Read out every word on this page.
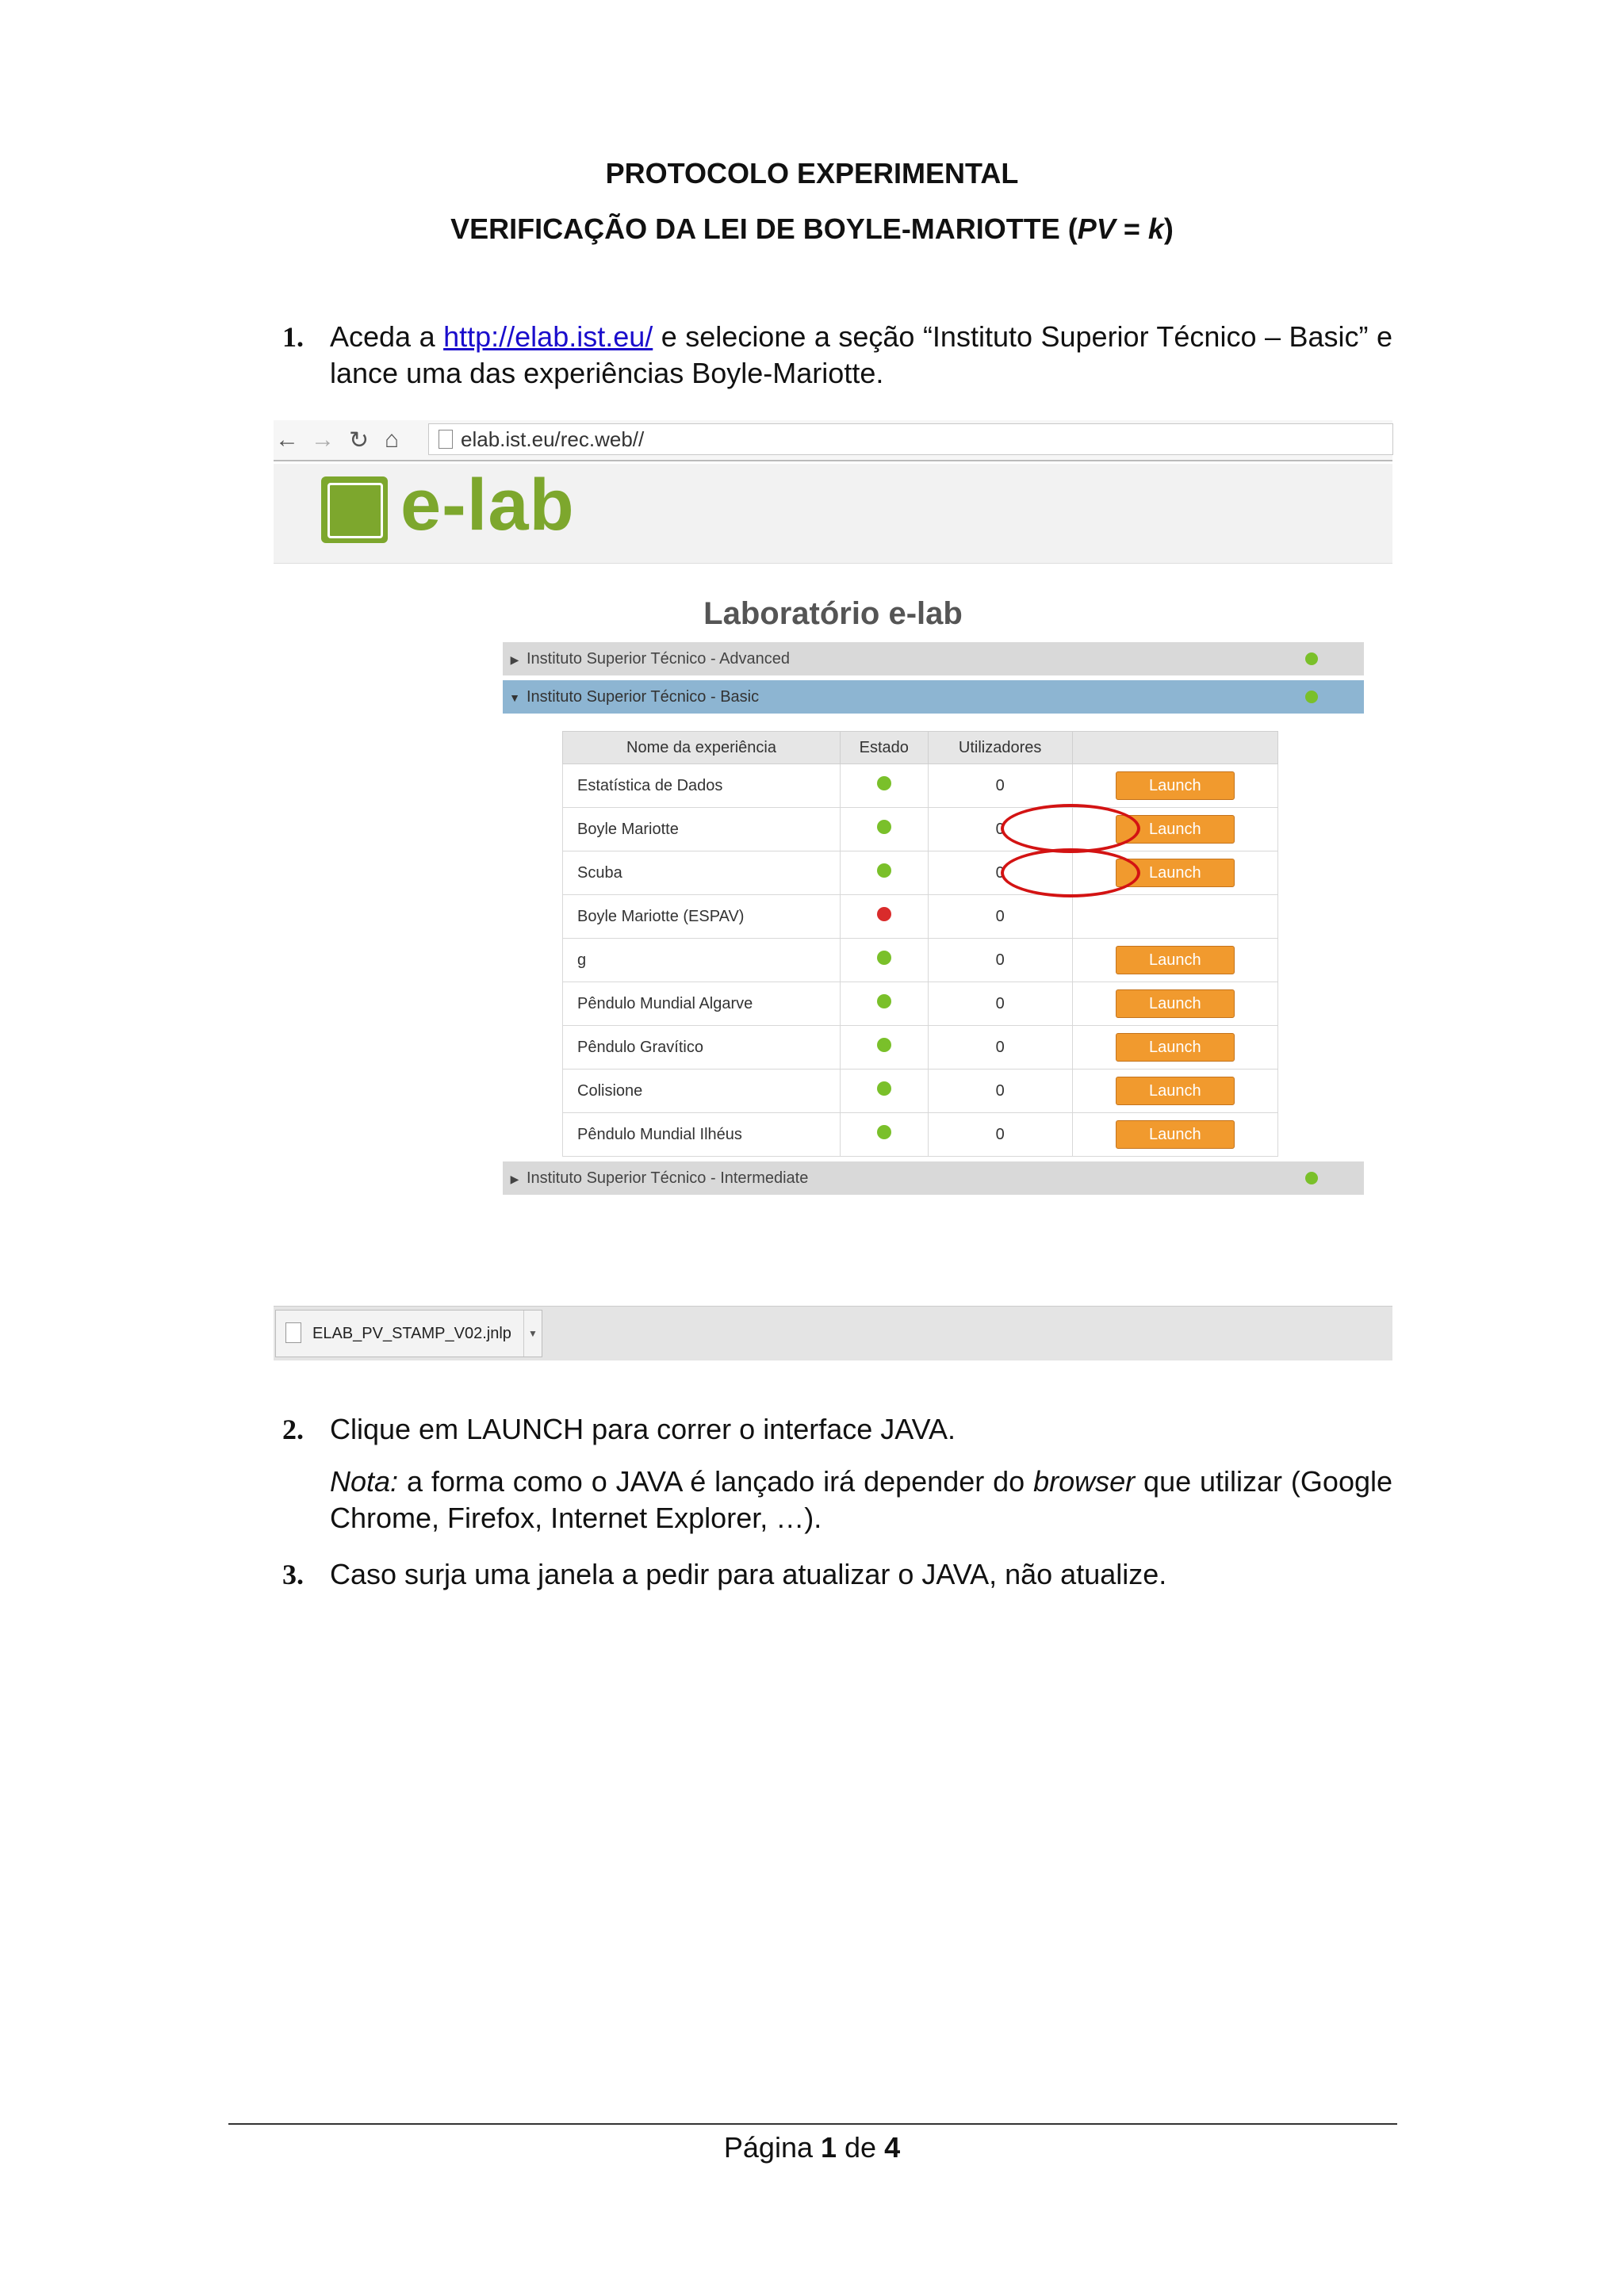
PROTOCOLO EXPERIMENTAL
VERIFICAÇÃO DA LEI DE BOYLE-MARIOTTE (PV = k)
1. Aceda a http://elab.ist.eu/ e selecione a seção “Instituto Superior Técnico – Basic” e lance uma das experiências Boyle-Mariotte.
← → ↻ ⌂	elab.ist.eu/rec.web//
e-lab
Laboratório e-lab
▶ Instituto Superior Técnico - Advanced
▼ Instituto Superior Técnico - Basic
Nome da experiência	Estado	Utilizadores	
Estatística de Dados		0	Launch
Boyle Mariotte		0	Launch
Scuba		0	Launch
Boyle Mariotte (ESPAV)		0	
g		0	Launch
Pêndulo Mundial Algarve		0	Launch
Pêndulo Gravítico		0	Launch
Colisione		0	Launch
Pêndulo Mundial Ilhéus		0	Launch
▶ Instituto Superior Técnico - Intermediate
ELAB_PV_STAMP_V02.jnlp	▼
2. Clique em LAUNCH para correr o interface JAVA.
Nota: a forma como o JAVA é lançado irá depender do browser que utilizar (Google Chrome, Firefox, Internet Explorer, …).
3. Caso surja uma janela a pedir para atualizar o JAVA, não atualize.
Página 1 de 4
